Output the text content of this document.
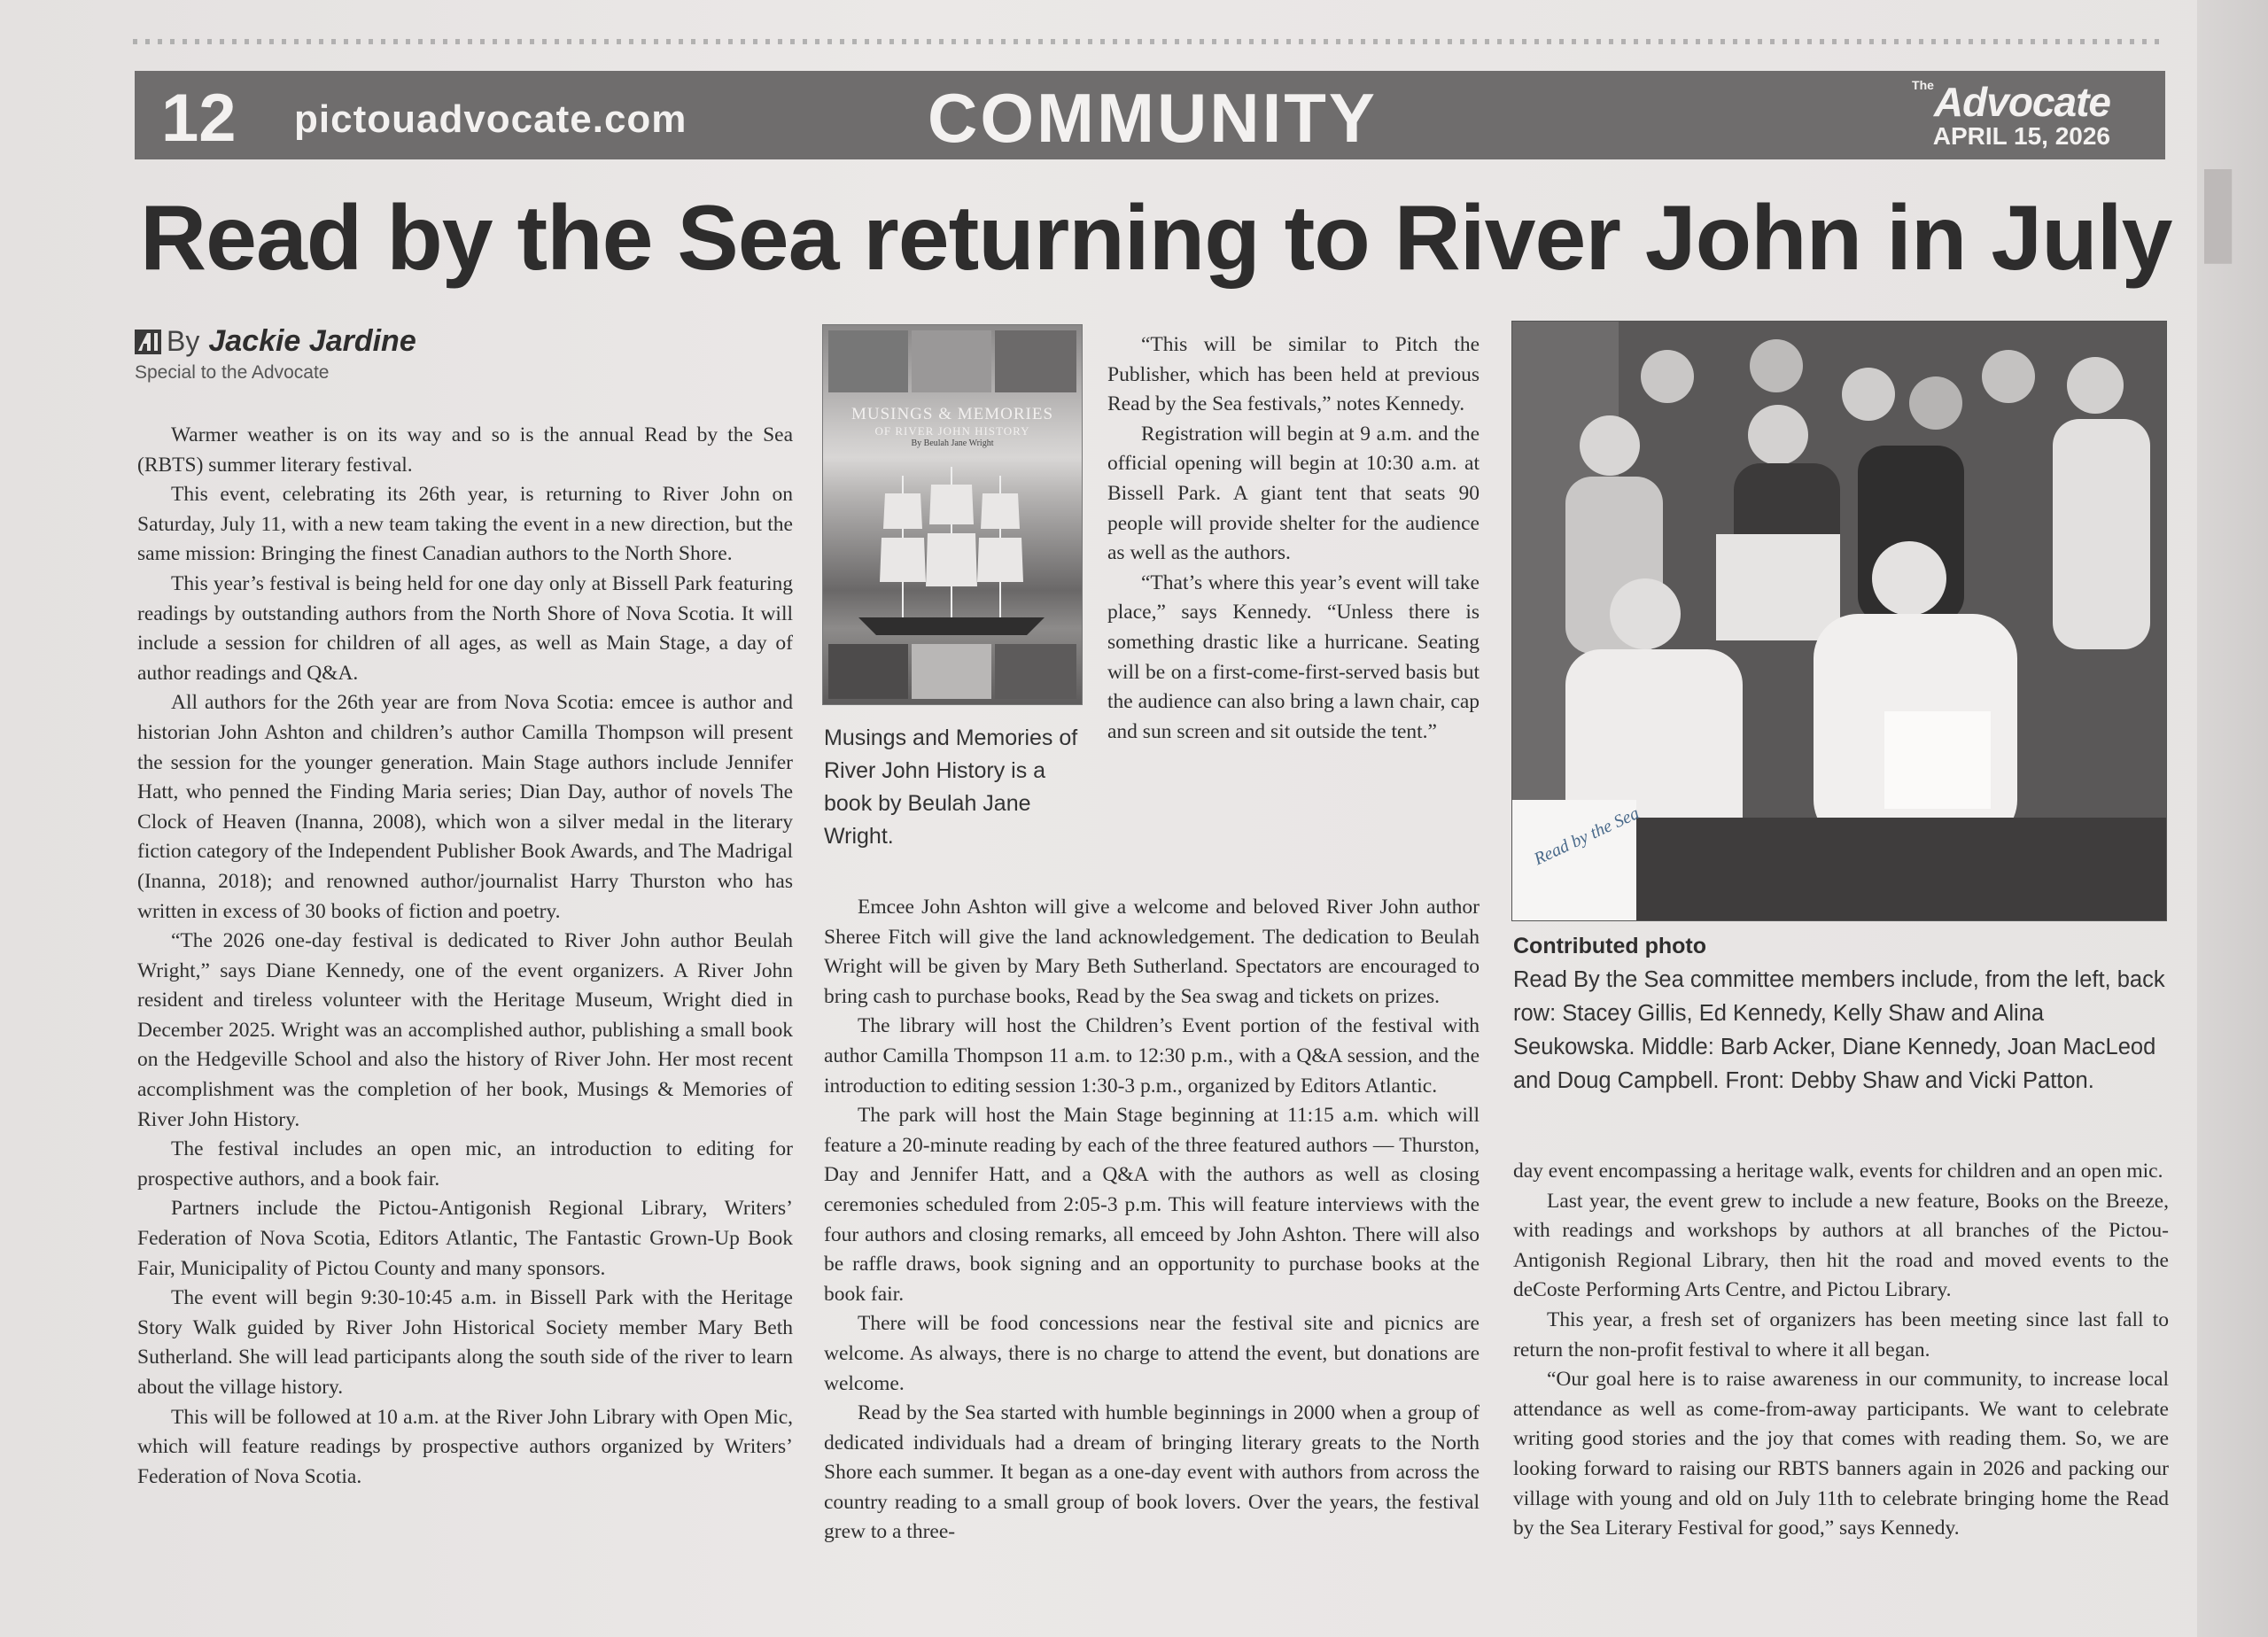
▌
12 pictouadvocate.com	COMMUNITY	TheAdvocate
APRIL 15, 2026
Read by the Sea returning to River John in July
By Jackie Jardine
Special to the Advocate

Warmer weather is on its way and so is the annual Read by the Sea (RBTS) summer literary festival.

This event, celebrating its 26th year, is returning to River John on Saturday, July 11, with a new team taking the event in a new direction, but the same mission: Bringing the finest Canadian authors to the North Shore.

This year’s festival is being held for one day only at Bissell Park featuring readings by outstanding authors from the North Shore of Nova Scotia. It will include a session for children of all ages, as well as Main Stage, a day of author readings and Q&A.

All authors for the 26th year are from Nova Scotia: emcee is author and historian John Ashton and children’s author Camilla Thompson will present the session for the younger generation. Main Stage authors include Jennifer Hatt, who penned the Finding Maria series; Dian Day, author of novels The Clock of Heaven (Inanna, 2008), which won a silver medal in the literary fiction category of the Independent Publisher Book Awards, and The Madrigal (Inanna, 2018); and renowned author/journalist Harry Thurston who has written in excess of 30 books of fiction and poetry.

“The 2026 one-day festival is dedicated to River John author Beulah Wright,” says Diane Kennedy, one of the event organizers. A River John resident and tireless volunteer with the Heritage Museum, Wright died in December 2025. Wright was an accomplished author, publishing a small book on the Hedgeville School and also the history of River John. Her most recent accomplishment was the completion of her book, Musings & Memories of River John History.

The festival includes an open mic, an introduction to editing for prospective authors, and a book fair.

Partners include the Pictou-Antigonish Regional Library, Writers’ Federation of Nova Scotia, Editors Atlantic, The Fantastic Grown-Up Book Fair, Municipality of Pictou County and many sponsors.

The event will begin 9:30-10:45 a.m. in Bissell Park with the Heritage Story Walk guided by River John Historical Society member Mary Beth Sutherland. She will lead participants along the south side of the river to learn about the village history.

This will be followed at 10 a.m. at the River John Library with Open Mic, which will feature readings by prospective authors organized by Writers’ Federation of Nova Scotia.

MUSINGS & MEMORIES
OF RIVER JOHN HISTORY
By Beulah Jane Wright
Musings and Memories of River John History is a book by Beulah Jane Wright.

“This will be similar to Pitch the Publisher, which has been held at previous Read by the Sea festivals,” notes Kennedy.

Registration will begin at 9 a.m. and the official opening will begin at 10:30 a.m. at Bissell Park. A giant tent that seats 90 people will provide shelter for the audience as well as the authors.

“That’s where this year’s event will take place,” says Kennedy. “Unless there is something drastic like a hurricane. Seating will be on a first-come-first-served basis but the audience can also bring a lawn chair, cap and sun screen and sit outside the tent.”

Emcee John Ashton will give a welcome and beloved River John author Sheree Fitch will give the land acknowledgement. The dedication to Beulah Wright will be given by Mary Beth Sutherland. Spectators are encouraged to bring cash to purchase books, Read by the Sea swag and tickets on prizes.

The library will host the Children’s Event portion of the festival with author Camilla Thompson 11 a.m. to 12:30 p.m., with a Q&A session, and the introduction to editing session 1:30-3 p.m., organized by Editors Atlantic.

The park will host the Main Stage beginning at 11:15 a.m. which will feature a 20-minute reading by each of the three featured authors — Thurston, Day and Jennifer Hatt, and a Q&A with the authors as well as closing ceremonies scheduled from 2:05-3 p.m. This will feature interviews with the four authors and closing remarks, all emceed by John Ashton. There will also be raffle draws, book signing and an opportunity to purchase books at the book fair.

There will be food concessions near the festival site and picnics are welcome. As always, there is no charge to attend the event, but donations are welcome.

Read by the Sea started with humble beginnings in 2000 when a group of dedicated individuals had a dream of bringing literary greats to the North Shore each summer. It began as a one-day event with authors from across the country reading to a small group of book lovers. Over the years, the festival grew to a three-

Read by the Sea
Contributed photo
Read By the Sea committee members include, from the left, back row: Stacey Gillis, Ed Kennedy, Kelly Shaw and Alina Seukowska. Middle: Barb Acker, Diane Kennedy, Joan MacLeod and Doug Campbell. Front: Debby Shaw and Vicki Patton.

day event encompassing a heritage walk, events for children and an open mic.

Last year, the event grew to include a new feature, Books on the Breeze, with readings and workshops by authors at all branches of the Pictou-Antigonish Regional Library, then hit the road and moved events to the deCoste Performing Arts Centre, and Pictou Library.

This year, a fresh set of organizers has been meeting since last fall to return the non-profit festival to where it all began.

“Our goal here is to raise awareness in our community, to increase local attendance as well as come-from-away participants. We want to celebrate writing good stories and the joy that comes with reading them. So, we are looking forward to raising our RBTS banners again in 2026 and packing our village with young and old on July 11th to celebrate bringing home the Read by the Sea Literary Festival for good,” says Kennedy.
